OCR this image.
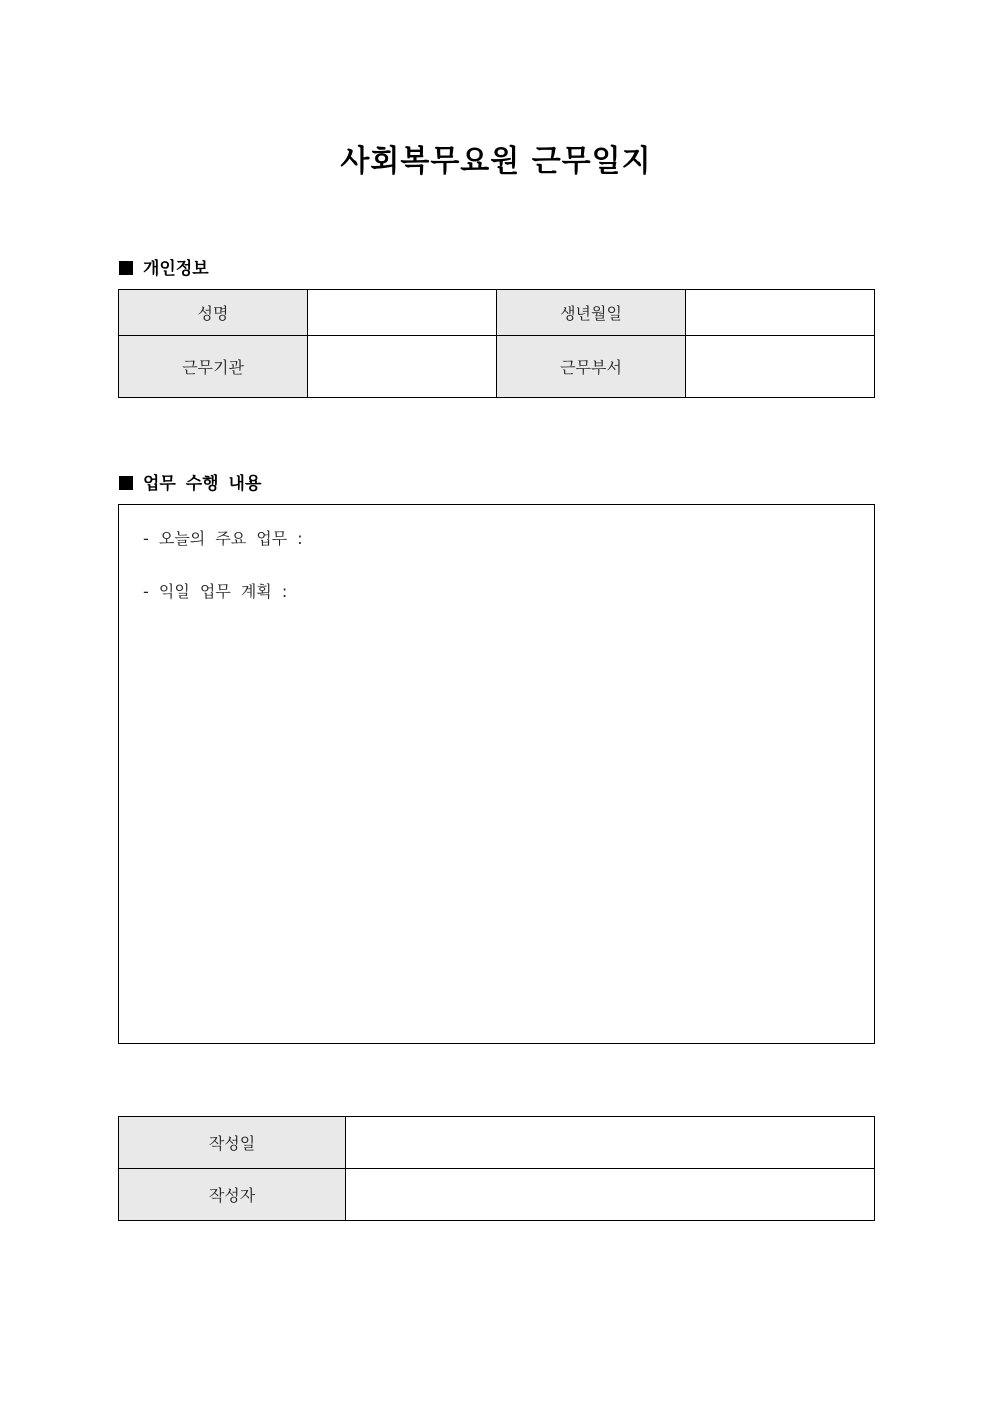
사회복무요원 근무일지
개인정보
성명		생년월일	
근무기관		근무부서	
업무 수행 내용
- 오늘의 주요 업무 :
- 익일 업무 계획 :
작성일	
작성자	
